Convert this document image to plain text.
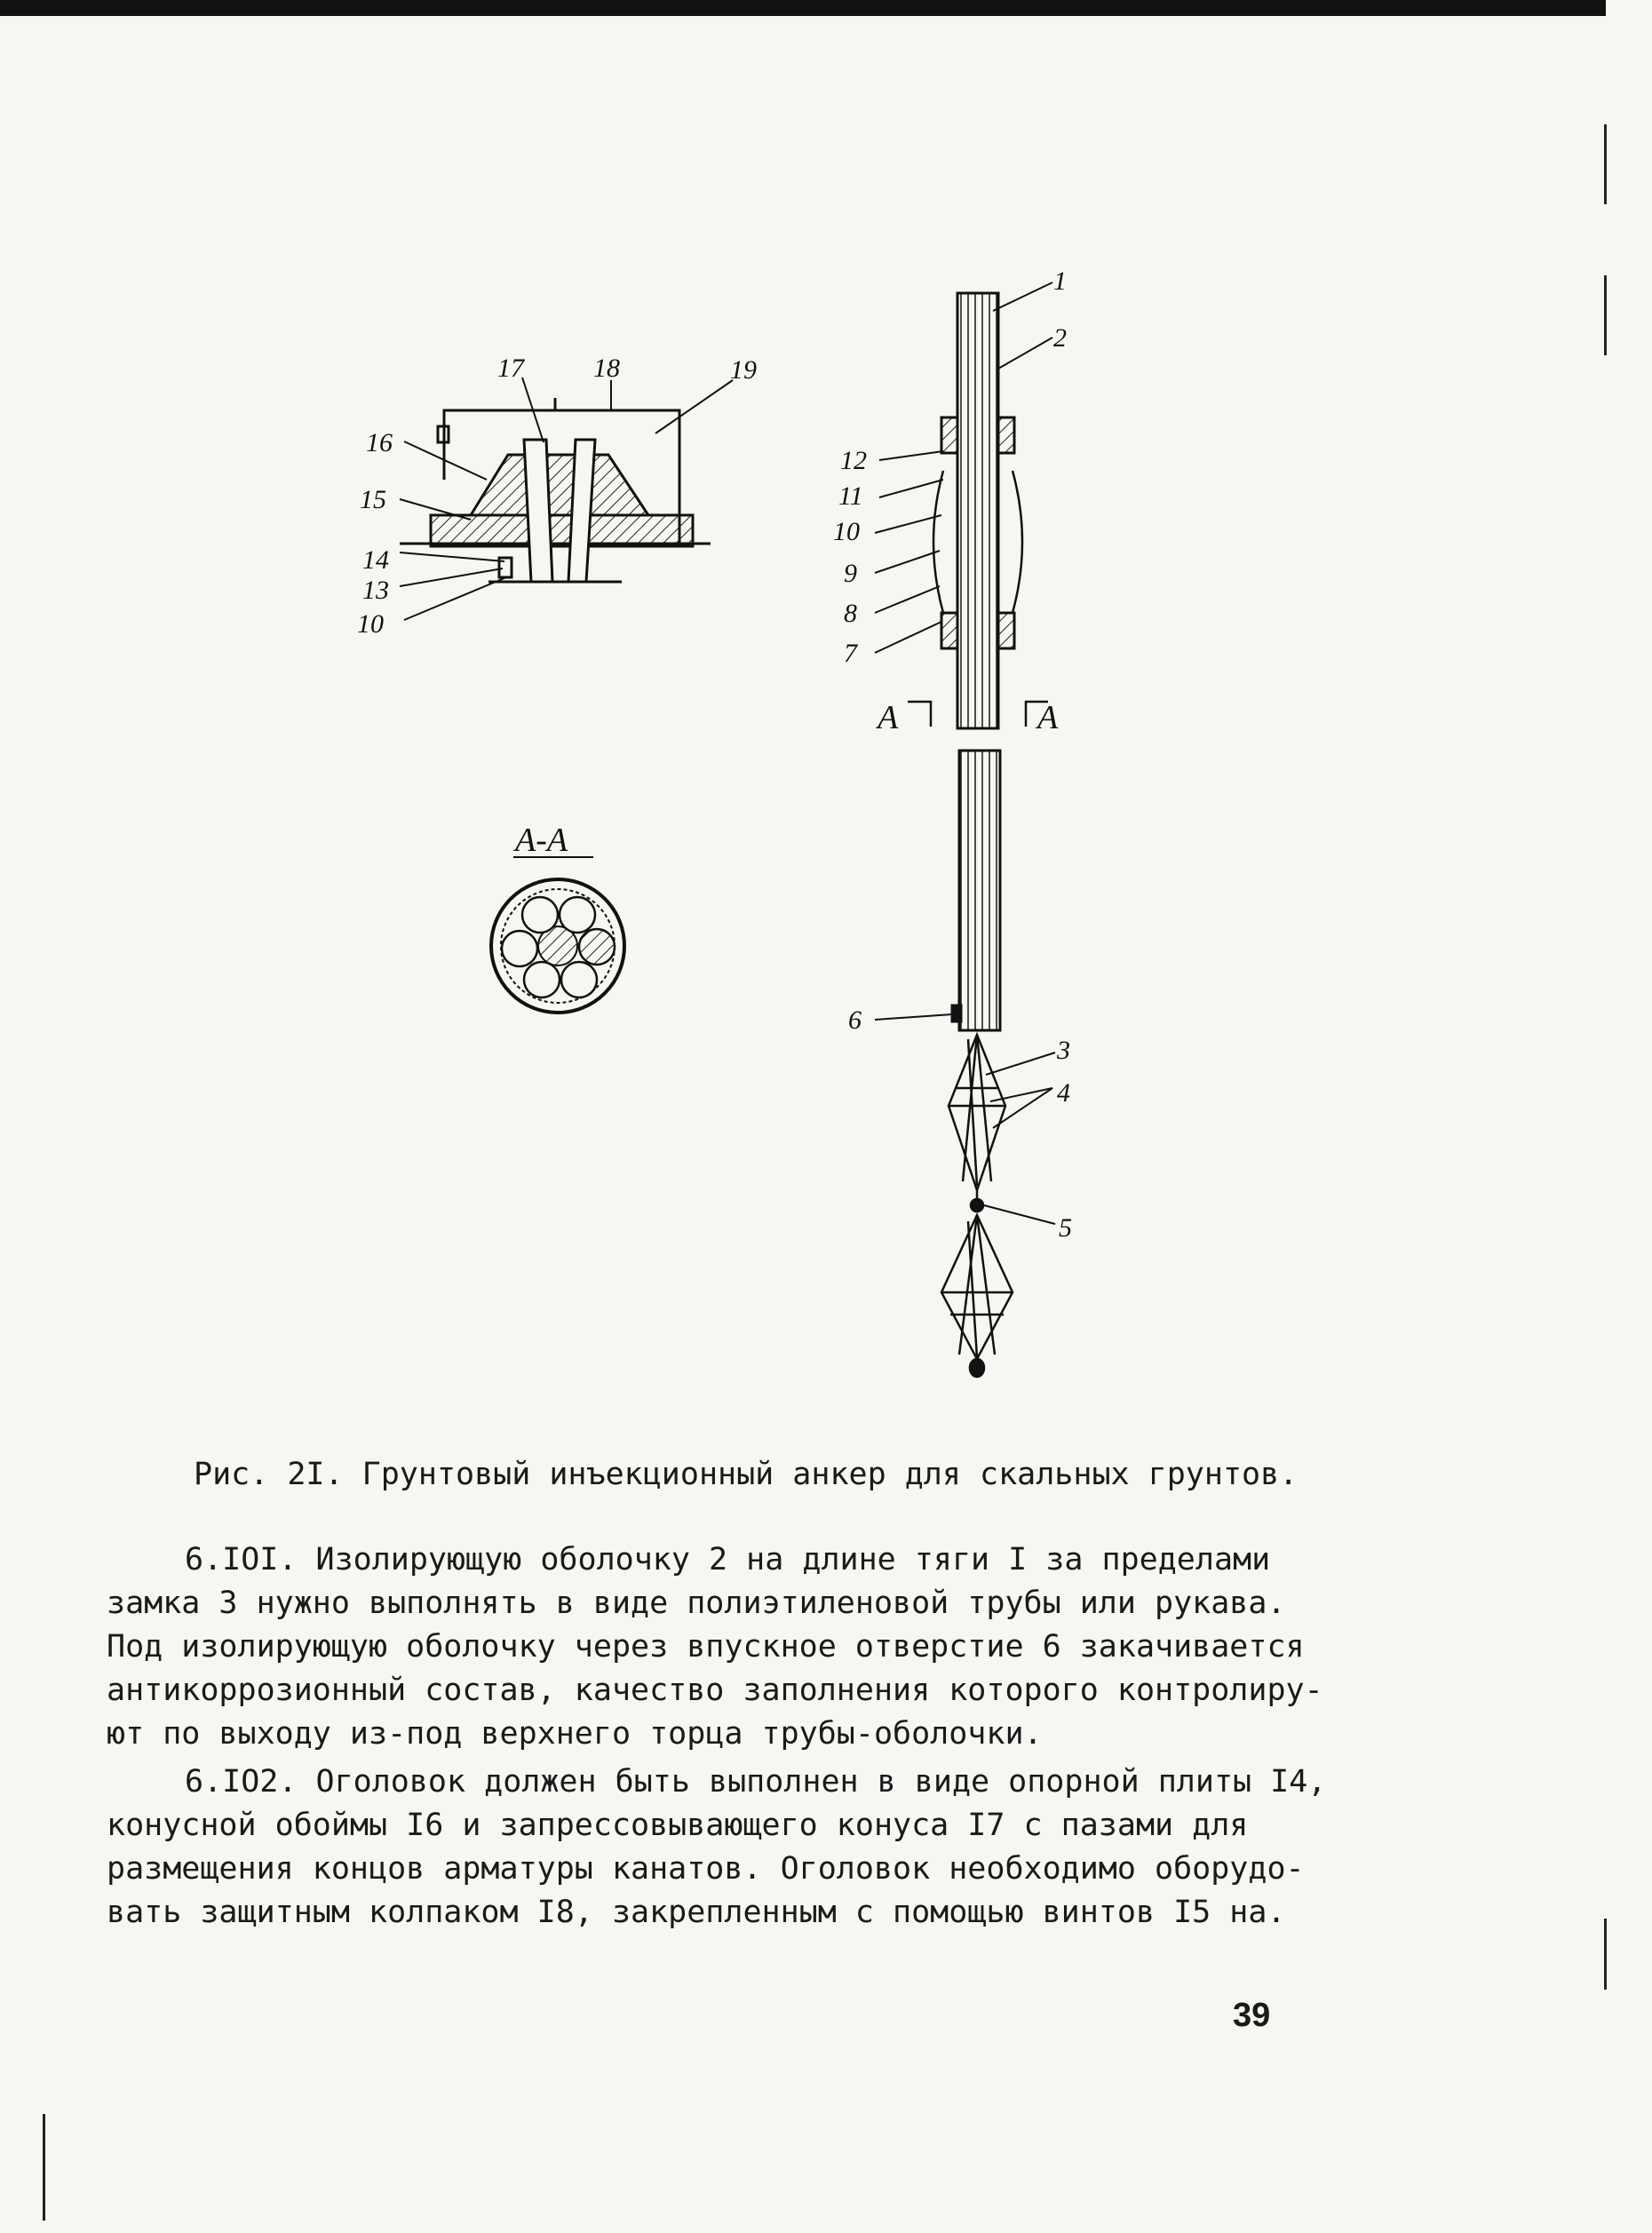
17	18	19
16
15
14
13
10
А-А
А	А
1
2
12
11
10
9
8
7
6
3
4
5
Рис. 2I. Грунтовый инъекционный анкер для скальных грунтов.
6.IOI. Изолирующую оболочку 2 на длине тяги I за пределами
замка 3 нужно выполнять в виде полиэтиленовой трубы или рукава.
Под изолирующую оболочку через впускное отверстие 6 закачивается
антикоррозионный состав, качество заполнения которого контролиру-
ют по выходу из-под верхнего торца трубы-оболочки.
6.IO2. Оголовок должен быть выполнен в виде опорной плиты I4,
конусной обоймы I6 и запрессовывающего конуса I7 с пазами для
размещения концов арматуры канатов. Оголовок необходимо оборудо-
вать защитным колпаком I8, закрепленным с помощью винтов I5 на.
39
